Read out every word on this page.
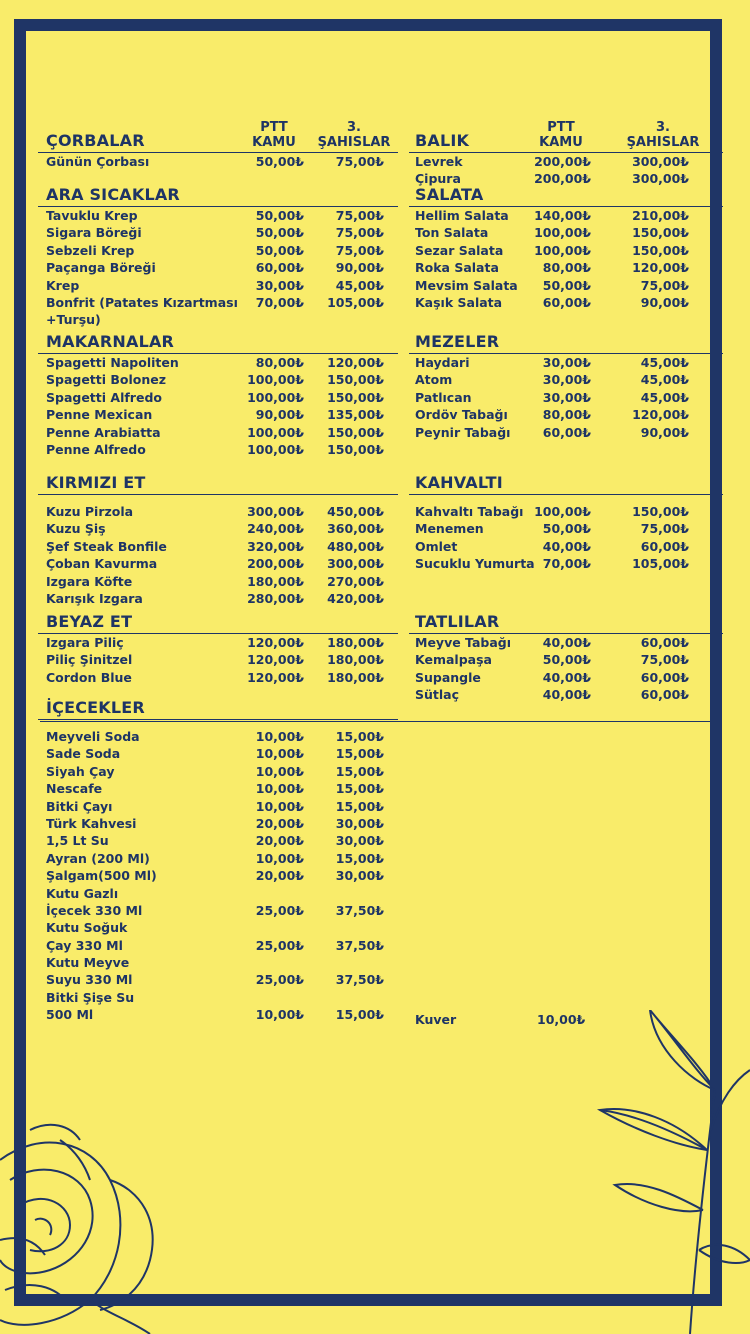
ÇORBALAR
PTT
KAMU
3.
ŞAHISLAR
Günün Çorbası	50,00₺	75,00₺
ARA SICAKLAR
Tavuklu Krep	50,00₺	75,00₺
Sigara Böreği	50,00₺	75,00₺
Sebzeli Krep	50,00₺	75,00₺
Paçanga Böreği	60,00₺	90,00₺
Krep	30,00₺	45,00₺
Bonfrit (Patates Kızartması 70,00₺ 105,00₺
+Turşu)
MAKARNALAR
Spagetti Napoliten	80,00₺ 120,00₺
Spagetti Bolonez	100,00₺ 150,00₺
Spagetti Alfredo	100,00₺ 150,00₺
Penne Mexican	90,00₺ 135,00₺
Penne Arabiatta	100,00₺ 150,00₺
Penne Alfredo	100,00₺ 150,00₺
KIRMIZI ET
Kuzu Pirzola	300,00₺ 450,00₺
Kuzu Şiş	240,00₺ 360,00₺
Şef Steak Bonfile	320,00₺ 480,00₺
Çoban Kavurma	200,00₺ 300,00₺
Izgara Köfte	180,00₺ 270,00₺
Karışık Izgara	280,00₺ 420,00₺
BEYAZ ET
Izgara Piliç	120,00₺ 180,00₺
Piliç Şinitzel	120,00₺ 180,00₺
Cordon Blue	120,00₺ 180,00₺
İÇECEKLER
Meyveli Soda	10,00₺	15,00₺
Sade Soda	10,00₺	15,00₺
Siyah Çay	10,00₺	15,00₺
Nescafe	10,00₺	15,00₺
Bitki Çayı	10,00₺	15,00₺
Türk Kahvesi	20,00₺	30,00₺
1,5 Lt Su	20,00₺	30,00₺
Ayran (200 Ml)	10,00₺	15,00₺
Şalgam(500 Ml)	20,00₺	30,00₺
Kutu Gazlı
İçecek 330 Ml	25,00₺	37,50₺
Kutu Soğuk
Çay 330 Ml	25,00₺	37,50₺
Kutu Meyve
Suyu 330 Ml	25,00₺	37,50₺
Bitki Şişe Su
500 Ml	10,00₺	15,00₺
BALIK
PTT
KAMU
3.
ŞAHISLAR
Levrek	200,00₺	300,00₺
Çipura	200,00₺	300,00₺
SALATA
Hellim Salata 140,00₺	210,00₺
Ton Salata	100,00₺	150,00₺
Sezar Salata 100,00₺	150,00₺
Roka Salata	80,00₺	120,00₺
Mevsim Salata 50,00₺	75,00₺
Kaşık Salata	60,00₺	90,00₺
MEZELER
Haydari	30,00₺	45,00₺
Atom	30,00₺	45,00₺
Patlıcan	30,00₺	45,00₺
Ordöv Tabağı	80,00₺	120,00₺
Peynir Tabağı	60,00₺	90,00₺
KAHVALTI
Kahvaltı Tabağı 100,00₺	150,00₺
Menemen	50,00₺	75,00₺
Omlet	40,00₺	60,00₺
Sucuklu Yumurta 70,00₺	105,00₺
TATLILAR
Meyve Tabağı	40,00₺	60,00₺
Kemalpaşa	50,00₺	75,00₺
Supangle	40,00₺	60,00₺
Sütlaç	40,00₺	60,00₺
Kuver	10,00₺
